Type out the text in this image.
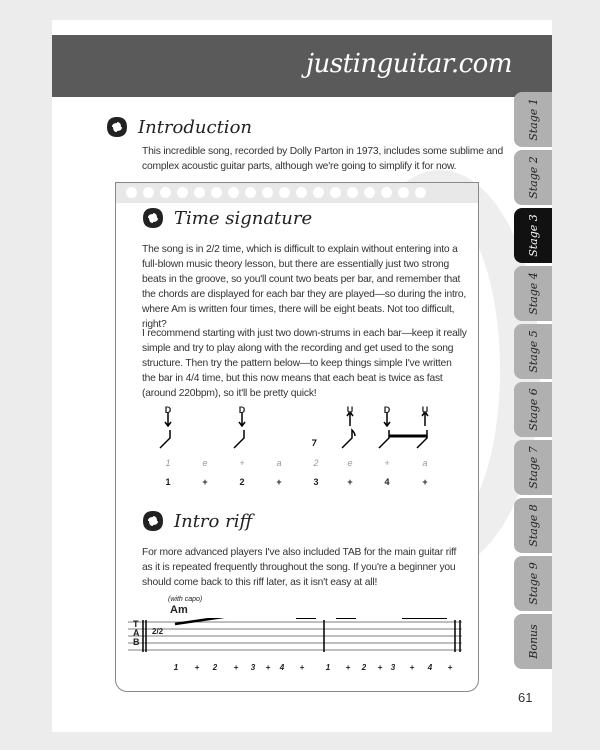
justinguitar.com
Introduction
This incredible song, recorded by Dolly Parton in 1973, includes some sublime and complex acoustic guitar parts, although we're going to simplify it for now.
Time signature
The song is in 2/2 time, which is difficult to explain without entering into a full-blown music theory lesson, but there are essentially just two strong beats in the groove, so you'll count two beats per bar, and remember that the chords are displayed for each bar they are played—so during the intro, where Am is written four times, there will be eight beats. Not too difficult, right?
I recommend starting with just two down-strums in each bar—keep it really simple and try to play along with the recording and get used to the song structure. Then try the pattern below—to keep things simple I've written the bar in 4/4 time, but this now means that each beat is twice as fast (around 220bpm), so it'll be pretty quick!
1	e	+	a	2	e	+	a
1	+	2	+	3	+	4	+
D	D	U	D	U
Intro riff
For more advanced players I've also included TAB for the main guitar riff as it is repeated frequently throughout the song. If you're a beginner you should come back to this riff later, as it isn't easy at all!
(with capo)
Am
T
A
B
2/2
1	+	2	+	3	+	4	+	1	+	2	+	3	+	4	+
Stage 1
Stage 2
Stage 3
Stage 4
Stage 5
Stage 6
Stage 7
Stage 8
Stage 9
Bonus
61
